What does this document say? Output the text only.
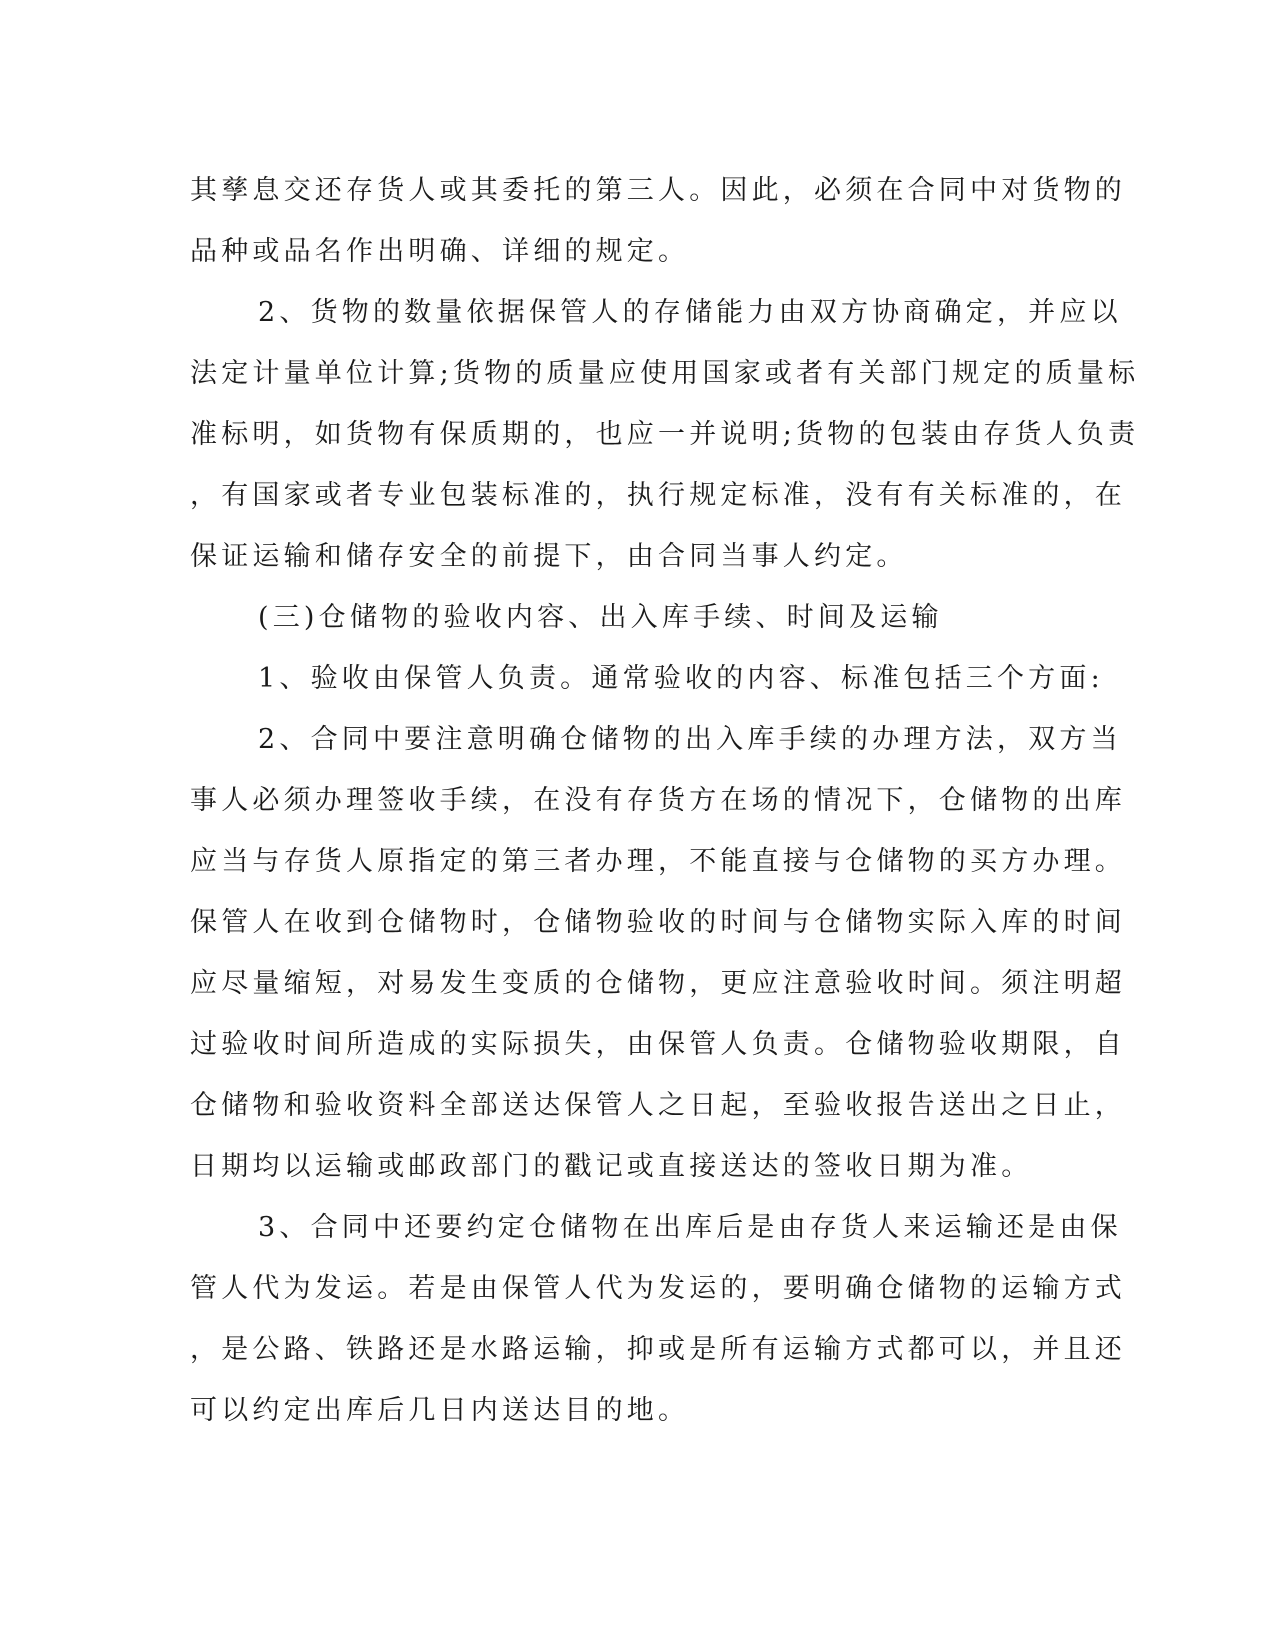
其孳息交还存货人或其委托的第三人。因此，必须在合同中对货物的
品种或品名作出明确、详细的规定。
2、货物的数量依据保管人的存储能力由双方协商确定，并应以
法定计量单位计算;货物的质量应使用国家或者有关部门规定的质量标
准标明，如货物有保质期的，也应一并说明;货物的包装由存货人负责
，有国家或者专业包装标准的，执行规定标准，没有有关标准的，在
保证运输和储存安全的前提下，由合同当事人约定。
(三)仓储物的验收内容、出入库手续、时间及运输
1、验收由保管人负责。通常验收的内容、标准包括三个方面:
2、合同中要注意明确仓储物的出入库手续的办理方法，双方当
事人必须办理签收手续，在没有存货方在场的情况下，仓储物的出库
应当与存货人原指定的第三者办理，不能直接与仓储物的买方办理。
保管人在收到仓储物时，仓储物验收的时间与仓储物实际入库的时间
应尽量缩短，对易发生变质的仓储物，更应注意验收时间。须注明超
过验收时间所造成的实际损失，由保管人负责。仓储物验收期限，自
仓储物和验收资料全部送达保管人之日起，至验收报告送出之日止，
日期均以运输或邮政部门的戳记或直接送达的签收日期为准。
3、合同中还要约定仓储物在出库后是由存货人来运输还是由保
管人代为发运。若是由保管人代为发运的，要明确仓储物的运输方式
，是公路、铁路还是水路运输，抑或是所有运输方式都可以，并且还
可以约定出库后几日内送达目的地。
